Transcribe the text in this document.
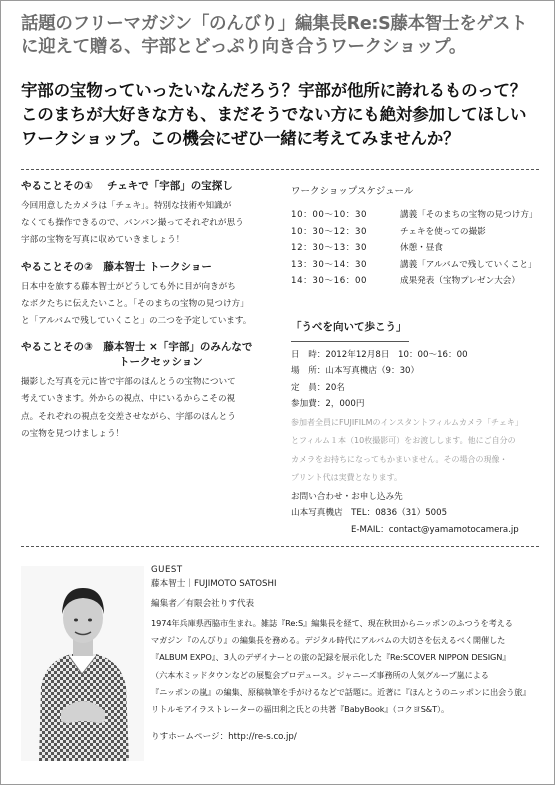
話題のフリーマガジン「のんびり」編集長Re:S藤本智士をゲスト
に迎えて贈る、宇部とどっぷり向き合うワークショップ。
宇部の宝物っていったいなんだろう？宇部が他所に誇れるものって？
このまちが大好きな方も、まだそうでない方にも絶対参加してほしい
ワークショップ。この機会にぜひ一緒に考えてみませんか？
やることその①　 チェキで「宇部」の宝探し
今回用意したカメラは「チェキ」。特別な技術や知識が
なくても操作できるので、バンバン撮ってそれぞれが思う
宇部の宝物を写真に収めていきましょう！
やることその②　藤本智士 トークショー
日本中を旅する藤本智士がどうしても外に目が向きがち
なボクたちに伝えたいこと。「そのまちの宝物の見つけ方」
と「アルバムで残していくこと」の二つを予定しています。
やることその③　藤本智士 ×「宇部」のみんなで
トークセッション
撮影した写真を元に皆で宇部のほんとうの宝物について
考えていきます。外からの視点、中にいるからこその視
点。それぞれの視点を交差させながら、宇部のほんとう
の宝物を見つけましょう！
ワークショップスケジュール
10：00〜10：30	講義「そのまちの宝物の見つけ方」
10：30〜12：30	チェキを使っての撮影
12：30〜13：30	休憩・昼食
13：30〜14：30	講義「アルバムで残していくこと」
14：30〜16：00	成果発表（宝物プレゼン大会）
「うべを向いて歩こう」
日　時：2012年12月8日　10：00〜16：00
場　所：山本写真機店（9：30）
定　員：20名
参加費：2，000円
参加者全員にFUJIFILMのインスタントフィルムカメラ「チェキ」
とフィルム１本（10枚撮影可）をお渡しします。他にご自分の
カメラをお持ちになってもかまいません。その場合の現像・
プリント代は実費となります。
お問い合わせ・お申し込み先
山本写真機店　TEL：0836（31）5005
E-MAIL：contact@yamamotocamera.jp
GUEST
藤本智士｜FUJIMOTO SATOSHI
編集者／有限会社りす代表
1974年兵庫県西脇市生まれ。雑誌『Re:S』編集長を経て、現在秋田からニッポンのふつうを考える
マガジン『のんびり』の編集長を務める。デジタル時代にアルバムの大切さを伝えるべく開催した
『ALBUM EXPO』、3人のデザイナーとの旅の記録を展示化した『Re:SCOVER NIPPON DESIGN』
（六本木ミッドタウンなどの展覧会プロデュース。ジャニーズ事務所の人気グループ嵐による
『ニッポンの嵐』の編集、原稿執筆を手がけるなどで話題に。近著に『ほんとうのニッポンに出会う旅』
リトルモアイラストレーターの福田利之氏との共著『BabyBook』（コクヨS&T）。
りすホームページ：http://re-s.co.jp/
